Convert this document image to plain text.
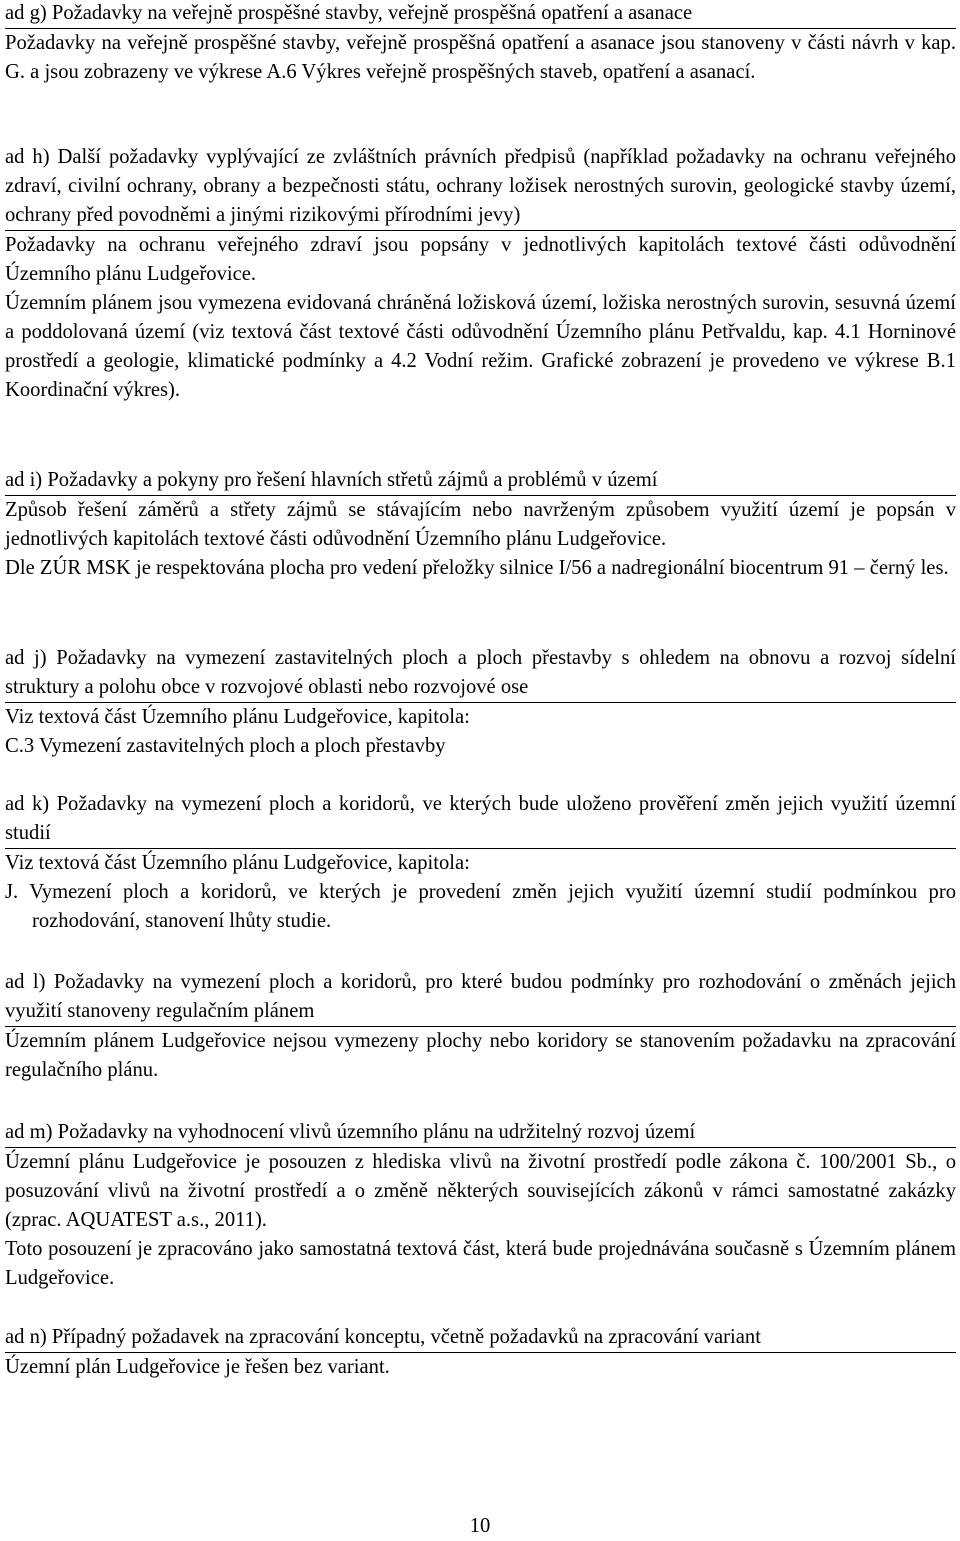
ad g) Požadavky na veřejně prospěšné stavby, veřejně prospěšná opatření a asanace

Požadavky na veřejně prospěšné stavby, veřejně prospěšná opatření a asanace jsou stanoveny v části návrh v kap. G. a jsou zobrazeny ve výkrese A.6 Výkres veřejně prospěšných staveb, opatření a asanací.

ad h) Další požadavky vyplývající ze zvláštních právních předpisů (například požadavky na ochranu veřejného zdraví, civilní ochrany, obrany a bezpečnosti státu, ochrany ložisek nerostných surovin, geologické stavby území, ochrany před povodněmi a jinými rizikovými přírodními jevy)

Požadavky na ochranu veřejného zdraví jsou popsány v jednotlivých kapitolách textové části odůvodnění Územního plánu Ludgeřovice.

Územním plánem jsou vymezena evidovaná chráněná ložisková území, ložiska nerostných surovin, sesuvná území a poddolovaná území (viz textová část textové části odůvodnění Územního plánu Petřvaldu, kap. 4.1 Horninové prostředí a geologie, klimatické podmínky a 4.2 Vodní režim. Grafické zobrazení je provedeno ve výkrese B.1 Koordinační výkres).

ad i) Požadavky a pokyny pro řešení hlavních střetů zájmů a problémů v území

Způsob řešení záměrů a střety zájmů se stávajícím nebo navrženým způsobem využití území je popsán v jednotlivých kapitolách textové části odůvodnění Územního plánu Ludgeřovice.

Dle ZÚR MSK je respektována plocha pro vedení přeložky silnice I/56 a nadregionální biocentrum 91 – černý les.

ad j) Požadavky na vymezení zastavitelných ploch a ploch přestavby s ohledem na obnovu a rozvoj sídelní struktury a polohu obce v rozvojové oblasti nebo rozvojové ose

Viz textová část Územního plánu Ludgeřovice, kapitola:

C.3 Vymezení zastavitelných ploch a ploch přestavby

ad k) Požadavky na vymezení ploch a koridorů, ve kterých bude uloženo prověření změn jejich využití územní studií

Viz textová část Územního plánu Ludgeřovice, kapitola:

J. Vymezení ploch a koridorů, ve kterých je provedení změn jejich využití územní studií podmínkou pro rozhodování, stanovení lhůty studie.

ad l) Požadavky na vymezení ploch a koridorů, pro které budou podmínky pro rozhodování o změnách jejich využití stanoveny regulačním plánem

Územním plánem Ludgeřovice nejsou vymezeny plochy nebo koridory se stanovením požadavku na zpracování regulačního plánu.

ad m) Požadavky na vyhodnocení vlivů územního plánu na udržitelný rozvoj území

Územní plánu Ludgeřovice je posouzen z hlediska vlivů na životní prostředí podle zákona č. 100/2001 Sb., o posuzování vlivů na životní prostředí a o změně některých souvisejících zákonů v rámci samostatné zakázky (zprac. AQUATEST a.s., 2011).

Toto posouzení je zpracováno jako samostatná textová část, která bude projednávána současně s Územním plánem Ludgeřovice.

ad n) Případný požadavek na zpracování konceptu, včetně požadavků na zpracování variant

Územní plán Ludgeřovice je řešen bez variant.

10
